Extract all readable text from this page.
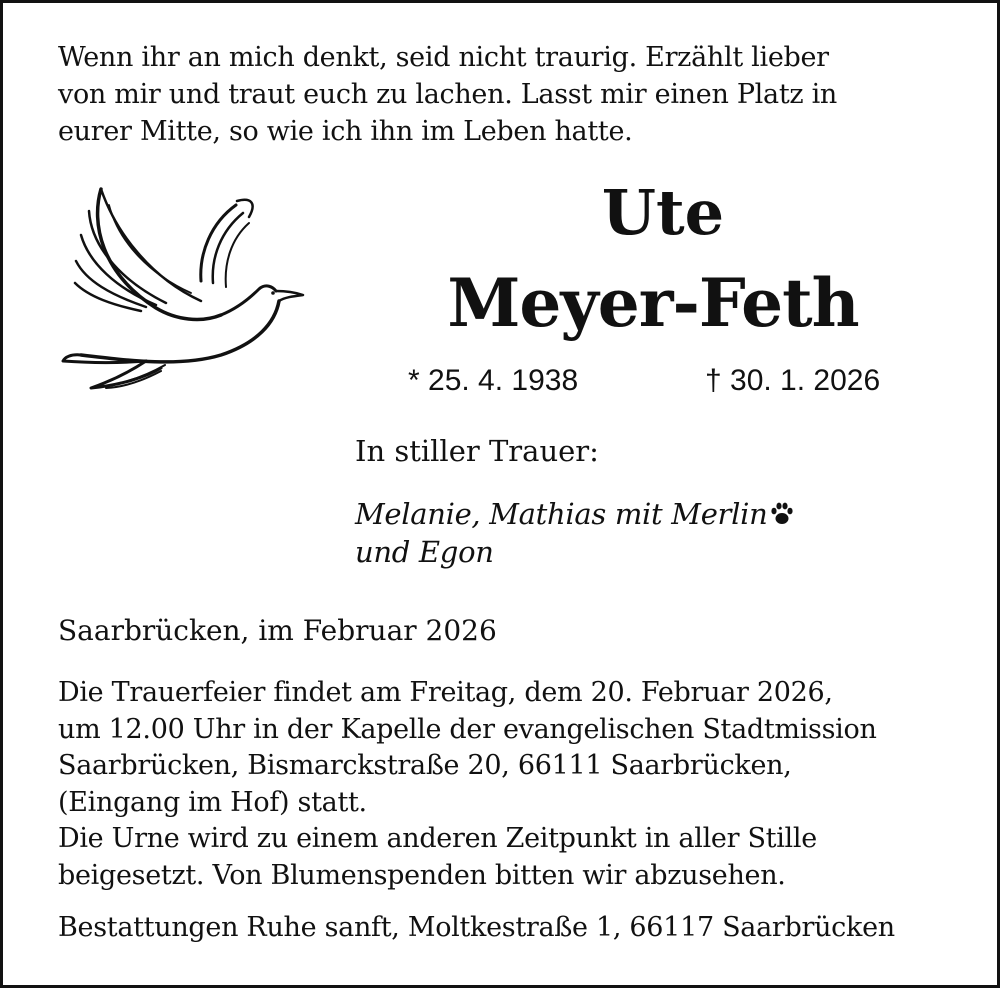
Wenn ihr an mich denkt, seid nicht traurig. Erzählt lieber
von mir und traut euch zu lachen. Lasst mir einen Platz in
eurer Mitte, so wie ich ihn im Leben hatte.

Ute
Meyer-Feth
* 25. 4. 1938	† 30. 1. 2026

In stiller Trauer:

Melanie, Mathias mit Merlin
und Egon

Saarbrücken, im Februar 2026

Die Trauerfeier findet am Freitag, dem 20. Februar 2026,
um 12.00 Uhr in der Kapelle der evangelischen Stadtmission
Saarbrücken, Bismarckstraße 20, 66111 Saarbrücken,
(Eingang im Hof) statt.
Die Urne wird zu einem anderen Zeitpunkt in aller Stille
beigesetzt. Von Blumenspenden bitten wir abzusehen.

Bestattungen Ruhe sanft, Moltkestraße 1, 66117 Saarbrücken
